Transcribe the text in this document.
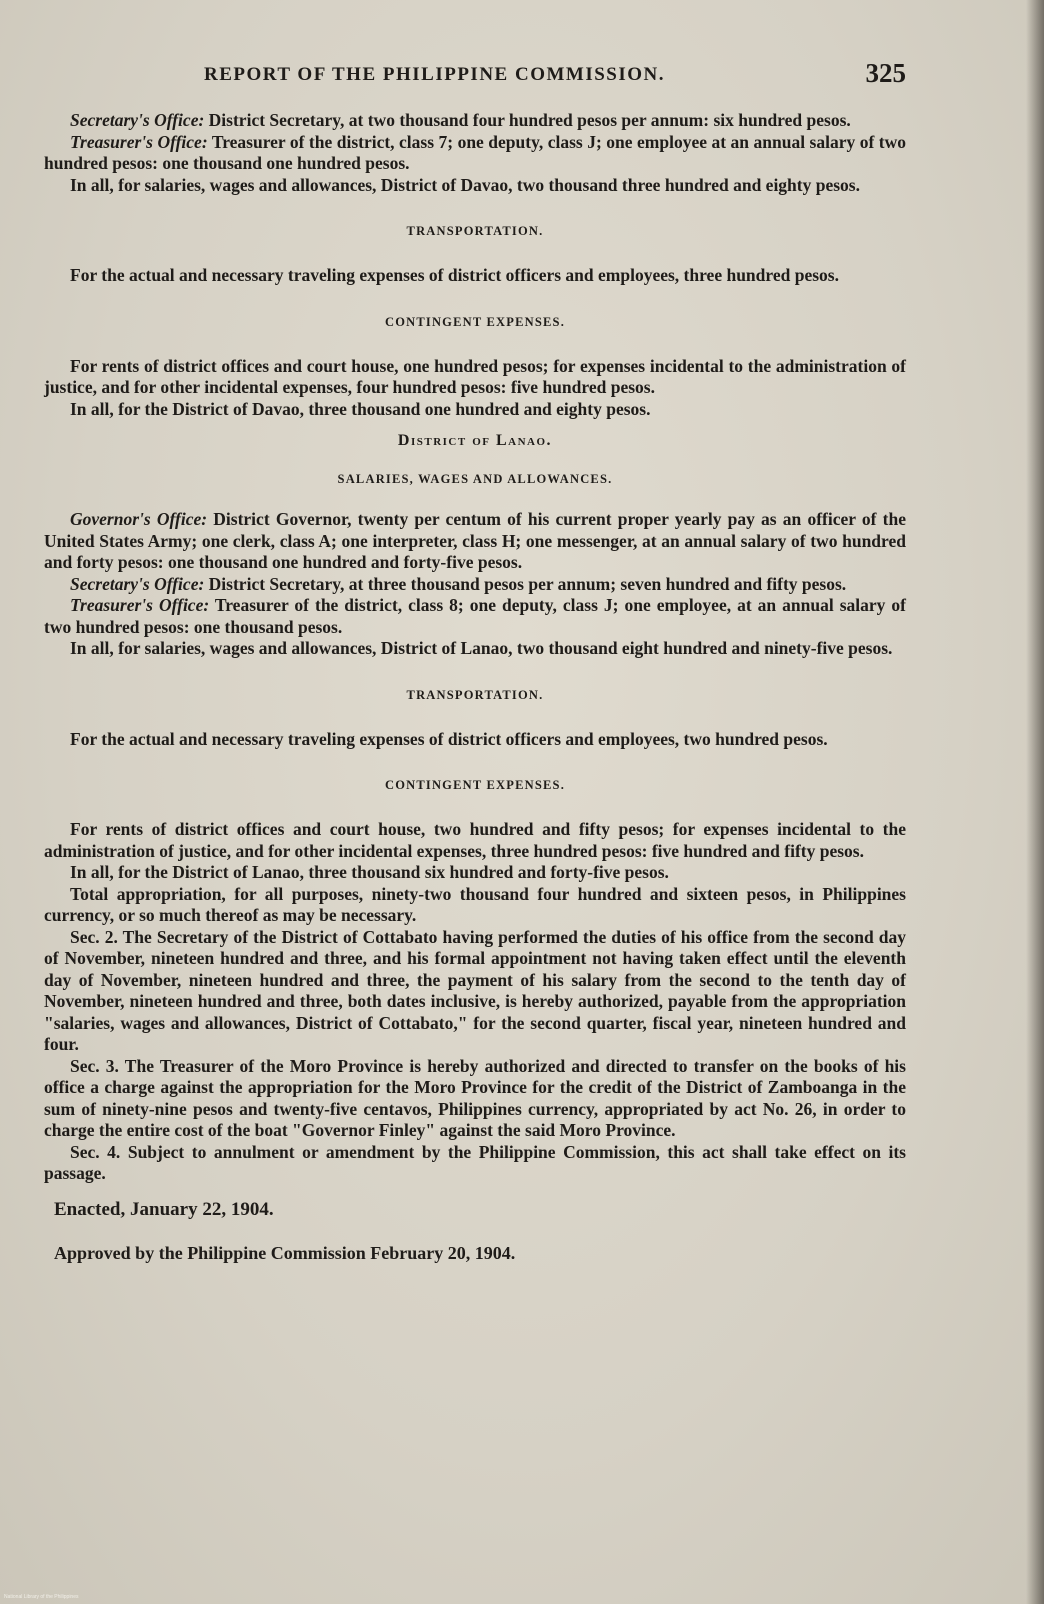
REPORT OF THE PHILIPPINE COMMISSION.	325

Secretary's Office: District Secretary, at two thousand four hundred pesos per annum: six hundred pesos.

Treasurer's Office: Treasurer of the district, class 7; one deputy, class J; one employee at an annual salary of two hundred pesos: one thousand one hundred pesos.

In all, for salaries, wages and allowances, District of Davao, two thousand three hundred and eighty pesos.

TRANSPORTATION.

For the actual and necessary traveling expenses of district officers and employees, three hundred pesos.

CONTINGENT EXPENSES.

For rents of district offices and court house, one hundred pesos; for expenses incidental to the administration of justice, and for other incidental expenses, four hundred pesos: five hundred pesos.

In all, for the District of Davao, three thousand one hundred and eighty pesos.

District of Lanao.
SALARIES, WAGES AND ALLOWANCES.

Governor's Office: District Governor, twenty per centum of his current proper yearly pay as an officer of the United States Army; one clerk, class A; one interpreter, class H; one messenger, at an annual salary of two hundred and forty pesos: one thousand one hundred and forty-five pesos.

Secretary's Office: District Secretary, at three thousand pesos per annum; seven hundred and fifty pesos.

Treasurer's Office: Treasurer of the district, class 8; one deputy, class J; one employee, at an annual salary of two hundred pesos: one thousand pesos.

In all, for salaries, wages and allowances, District of Lanao, two thousand eight hundred and ninety-five pesos.

TRANSPORTATION.

For the actual and necessary traveling expenses of district officers and employees, two hundred pesos.

CONTINGENT EXPENSES.

For rents of district offices and court house, two hundred and fifty pesos; for expenses incidental to the administration of justice, and for other incidental expenses, three hundred pesos: five hundred and fifty pesos.

In all, for the District of Lanao, three thousand six hundred and forty-five pesos.

Total appropriation, for all purposes, ninety-two thousand four hundred and sixteen pesos, in Philippines currency, or so much thereof as may be necessary.

Sec. 2. The Secretary of the District of Cottabato having performed the duties of his office from the second day of November, nineteen hundred and three, and his formal appointment not having taken effect until the eleventh day of November, nineteen hundred and three, the payment of his salary from the second to the tenth day of November, nineteen hundred and three, both dates inclusive, is hereby authorized, payable from the appropriation "salaries, wages and allowances, District of Cottabato," for the second quarter, fiscal year, nineteen hundred and four.

Sec. 3. The Treasurer of the Moro Province is hereby authorized and directed to transfer on the books of his office a charge against the appropriation for the Moro Province for the credit of the District of Zamboanga in the sum of ninety-nine pesos and twenty-five centavos, Philippines currency, appropriated by act No. 26, in order to charge the entire cost of the boat "Governor Finley" against the said Moro Province.

Sec. 4. Subject to annulment or amendment by the Philippine Commission, this act shall take effect on its passage.

Enacted, January 22, 1904.
Approved by the Philippine Commission February 20, 1904.
National Library of the Philippines
